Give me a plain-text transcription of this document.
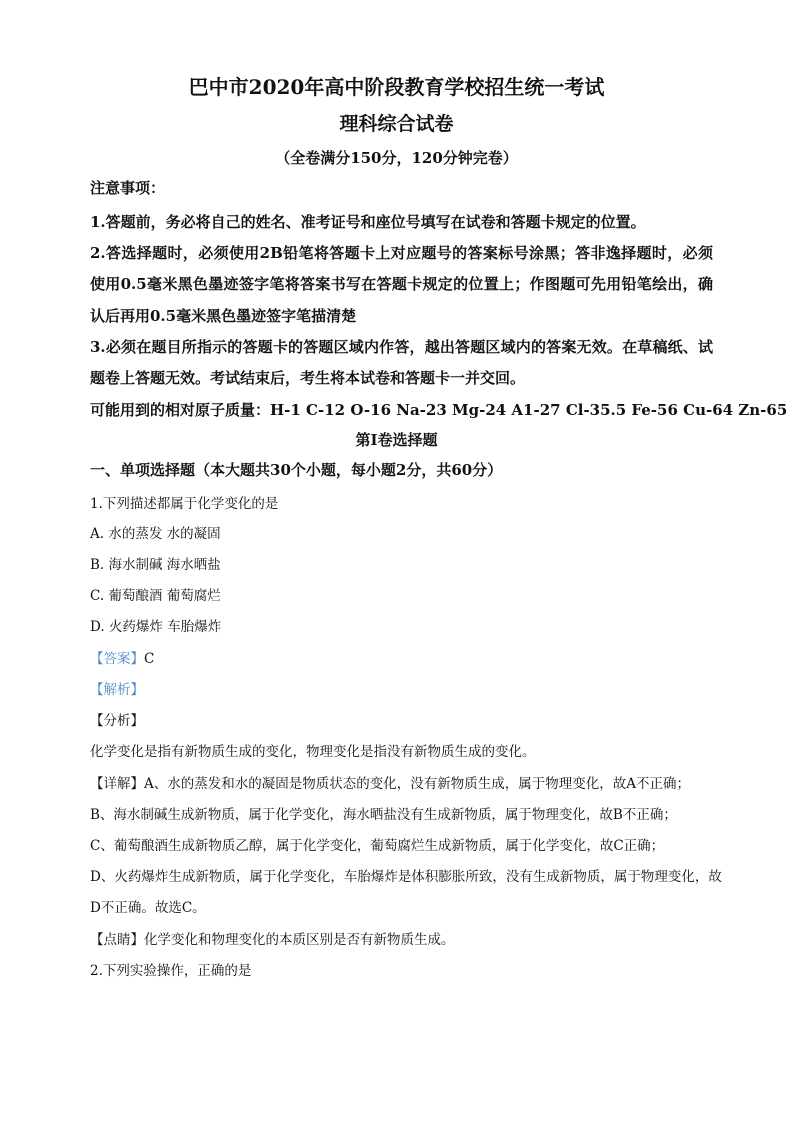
巴中市2020年高中阶段教育学校招生统一考试
理科综合试卷
（全卷满分150分，120分钟完卷）
注意事项：
1.答题前，务必将自己的姓名、准考证号和座位号填写在试卷和答题卡规定的位置。
2.答选择题时，必须使用2B铅笔将答题卡上对应题号的答案标号涂黑；答非逸择题时，必须
使用0.5毫米黑色墨迹签字笔将答案书写在答题卡规定的位置上；作图题可先用铅笔绘出，确
认后再用0.5毫米黑色墨迹签字笔描清楚
3.必须在题目所指示的答题卡的答题区域内作答，越出答题区域内的答案无效。在草稿纸、试
题卷上答题无效。考试结束后，考生将本试卷和答题卡一并交回。
可能用到的相对原子质量：H-1 C-12 O-16 Na-23 Mg-24 A1-27 Cl-35.5 Fe-56 Cu-64 Zn-65
第Ⅰ卷选择题
一、单项选择题（本大题共30个小题，每小题2分，共60分）
1.下列描述都属于化学变化的是
A. 水的蒸发 水的凝固
B. 海水制碱 海水晒盐
C. 葡萄酿酒 葡萄腐烂
D. 火药爆炸 车胎爆炸
【答案】C
【解析】
【分析】
化学变化是指有新物质生成的变化，物理变化是指没有新物质生成的变化。
【详解】A、水的蒸发和水的凝固是物质状态的变化，没有新物质生成，属于物理变化，故A不正确；
B、海水制碱生成新物质，属于化学变化，海水晒盐没有生成新物质，属于物理变化，故B不正确；
C、葡萄酿酒生成新物质乙醇，属于化学变化，葡萄腐烂生成新物质，属于化学变化，故C正确；
D、火药爆炸生成新物质，属于化学变化，车胎爆炸是体积膨胀所致，没有生成新物质，属于物理变化，故
D不正确。故选C。
【点睛】化学变化和物理变化的本质区别是否有新物质生成。
2.下列实验操作，正确的是
